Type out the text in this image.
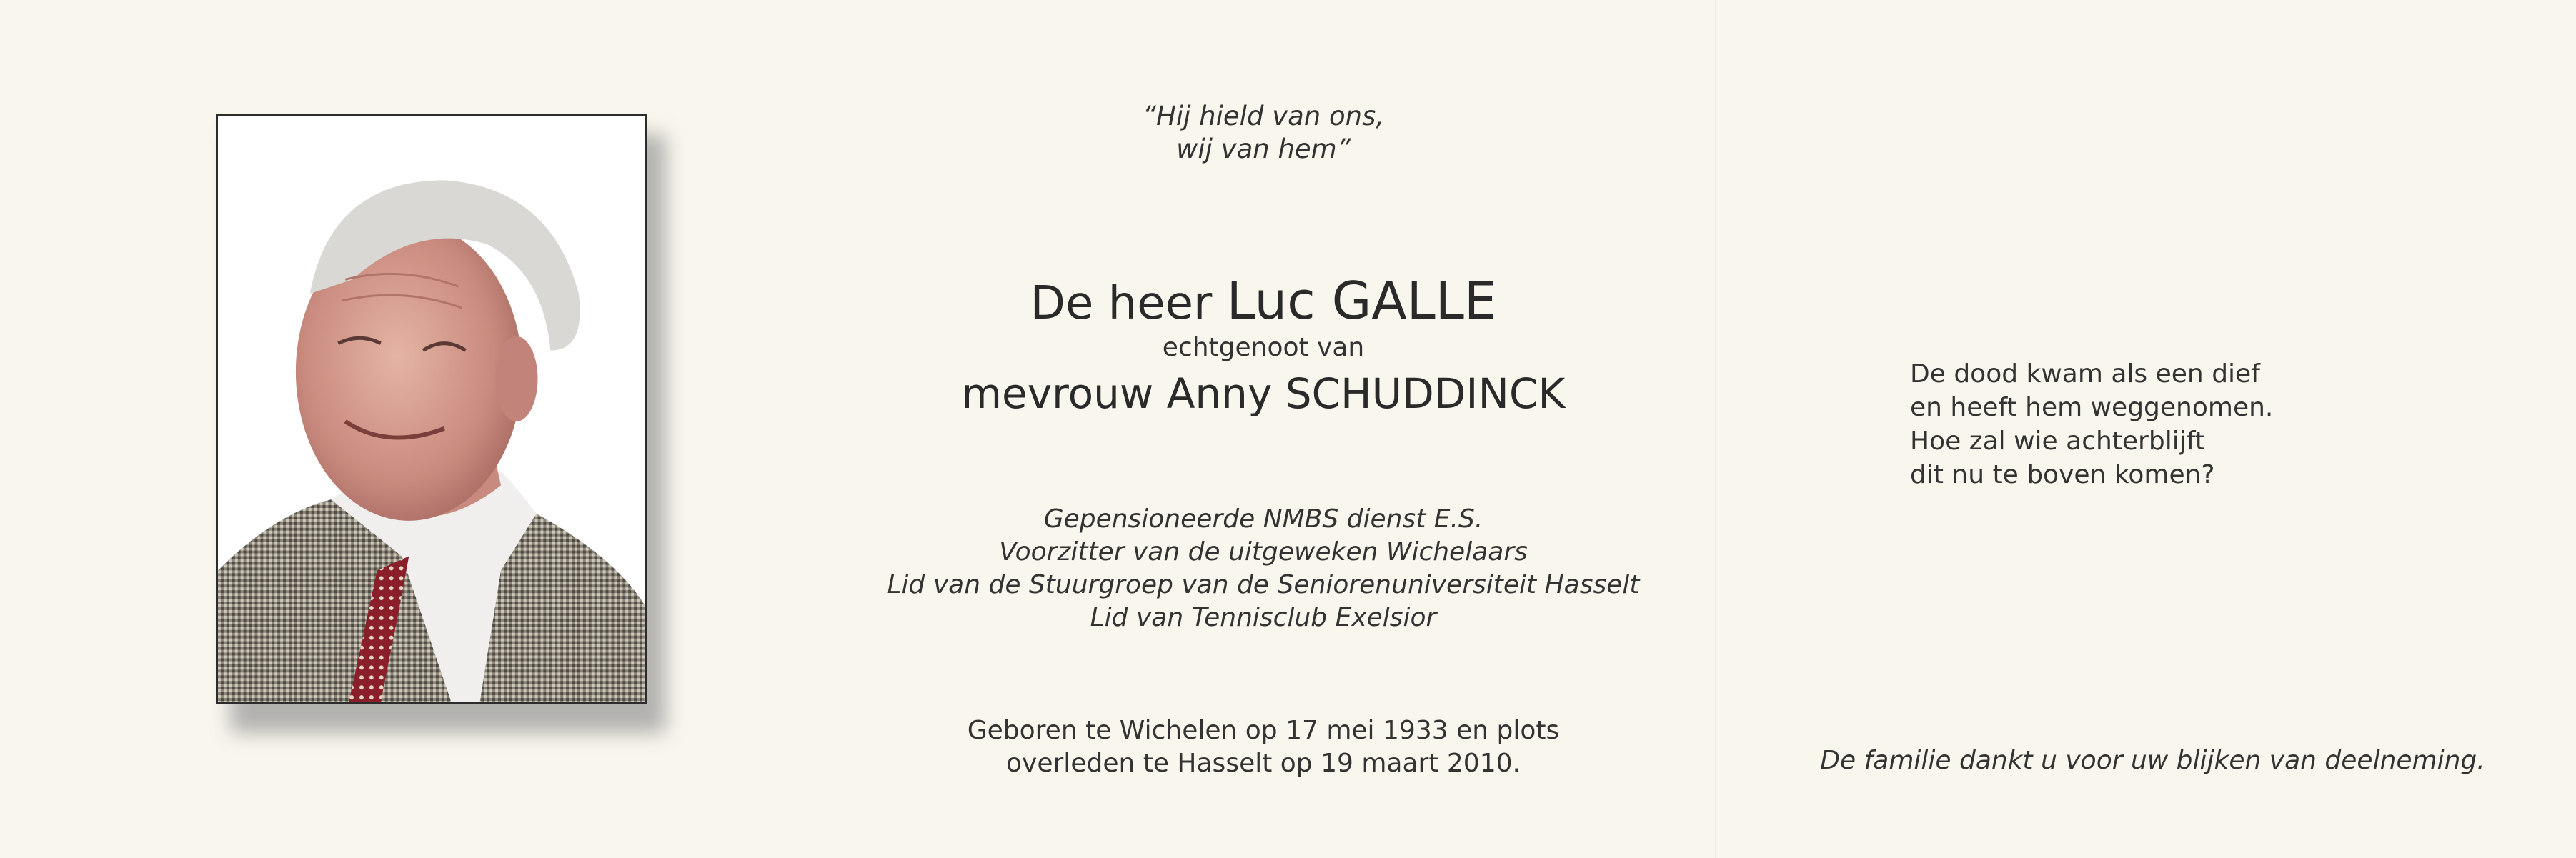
“Hij hield van ons,
wij van hem”
De heer Luc GALLE
echtgenoot van
mevrouw Anny SCHUDDINCK
Gepensioneerde NMBS dienst E.S.
Voorzitter van de uitgeweken Wichelaars
Lid van de Stuurgroep van de Seniorenuniversiteit Hasselt
Lid van Tennisclub Exelsior
Geboren te Wichelen op 17 mei 1933 en plots
overleden te Hasselt op 19 maart 2010.
De dood kwam als een dief
en heeft hem weggenomen.
Hoe zal wie achterblijft
dit nu te boven komen?
De familie dankt u voor uw blijken van deelneming.
